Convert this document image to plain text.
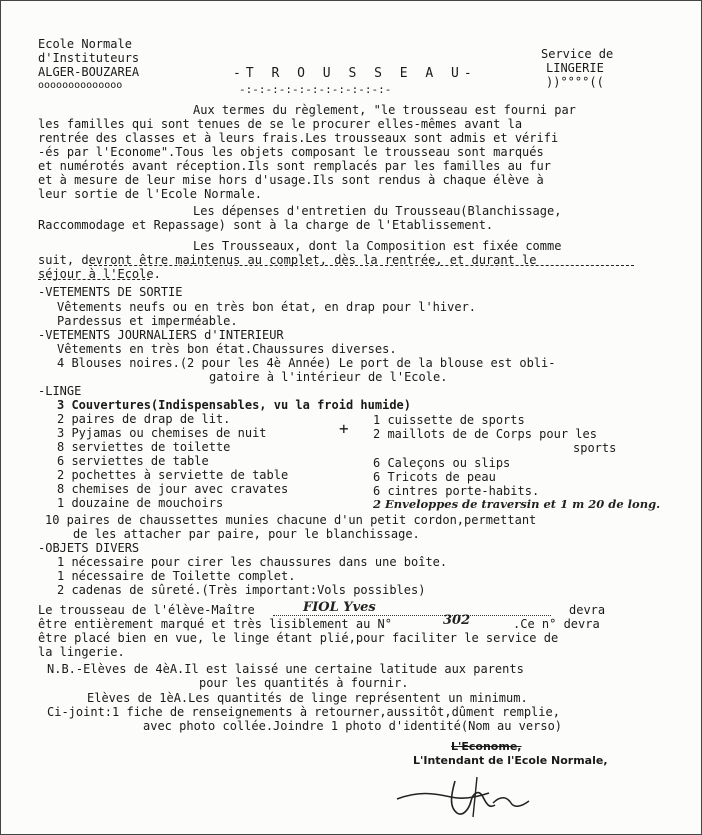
Ecole Normale
d'Instituteurs
ALGER-BOUZAREA
oooooooooooooo
-T R O U S S E A U-
-:-:-:-:-:-:-:-:-:-:-:-
Service de
LINGERIE
))°°°°((
Aux termes du règlement, "le trousseau est fourni par
les familles qui sont tenues de se le procurer elles-mêmes avant la
rentrée des classes et à leurs frais.Les trousseaux sont admis et vérifi
-és par l'Econome".Tous les objets composant le trousseau sont marqués
et numérotés avant réception.Ils sont remplacés par les familles au fur
et à mesure de leur mise hors d'usage.Ils sont rendus à chaque élève à
leur sortie de l'Ecole Normale.
Les dépenses d'entretien du Trousseau(Blanchissage,
Raccommodage et Repassage) sont à la charge de l'Etablissement.
Les Trousseaux, dont la Composition est fixée comme
suit, devront être maintenus au complet, dès la rentrée, et durant le
séjour à l'Ecole.
-VETEMENTS DE SORTIE
Vêtements neufs ou en très bon état, en drap pour l'hiver.
Pardessus et imperméable.
-VETEMENTS JOURNALIERS d'INTERIEUR
Vêtements en très bon état.Chaussures diverses.
4 Blouses noires.(2 pour les 4è Année) Le port de la blouse est obli-
gatoire à l'intérieur de l'Ecole.
-LINGE
3 Couvertures(Indispensables, vu la froid humide)
2 paires de drap de lit.
3 Pyjamas ou chemises de nuit
8 serviettes de toilette
6 serviettes de table
2 pochettes à serviette de table
8 chemises de jour avec cravates
1 douzaine de mouchoirs
+ 1 cuissette de sports
2 maillots de de Corps pour les
sports
6 Caleçons ou slips
6 Tricots de peau
6 cintres porte-habits.
2 Enveloppes de traversin et 1 m 20 de long.
10 paires de chaussettes munies chacune d'un petit cordon,permettant
de les attacher par paire, pour le blanchissage.
-OBJETS DIVERS
1 nécessaire pour cirer les chaussures dans une boîte.
1 nécessaire de Toilette complet.
2 cadenas de sûreté.(Très important:Vols possibles)
Le trousseau de l'élève-Maître	FIOL Yves	devra
être entièrement marqué et très lisiblement au N°	302	.Ce n° devra
être placé bien en vue, le linge étant plié,pour faciliter le service de
la lingerie.
N.B.-Elèves de 4èA.Il est laissé une certaine latitude aux parents
pour les quantités à fournir.
Elèves de 1èA.Les quantités de linge représentent un minimum.
Ci-joint:1 fiche de renseignements à retourner,aussitôt,dûment remplie,
avec photo collée.Joindre 1 photo d'identité(Nom au verso)
L'Econome,
L'Intendant de l'Ecole Normale,
